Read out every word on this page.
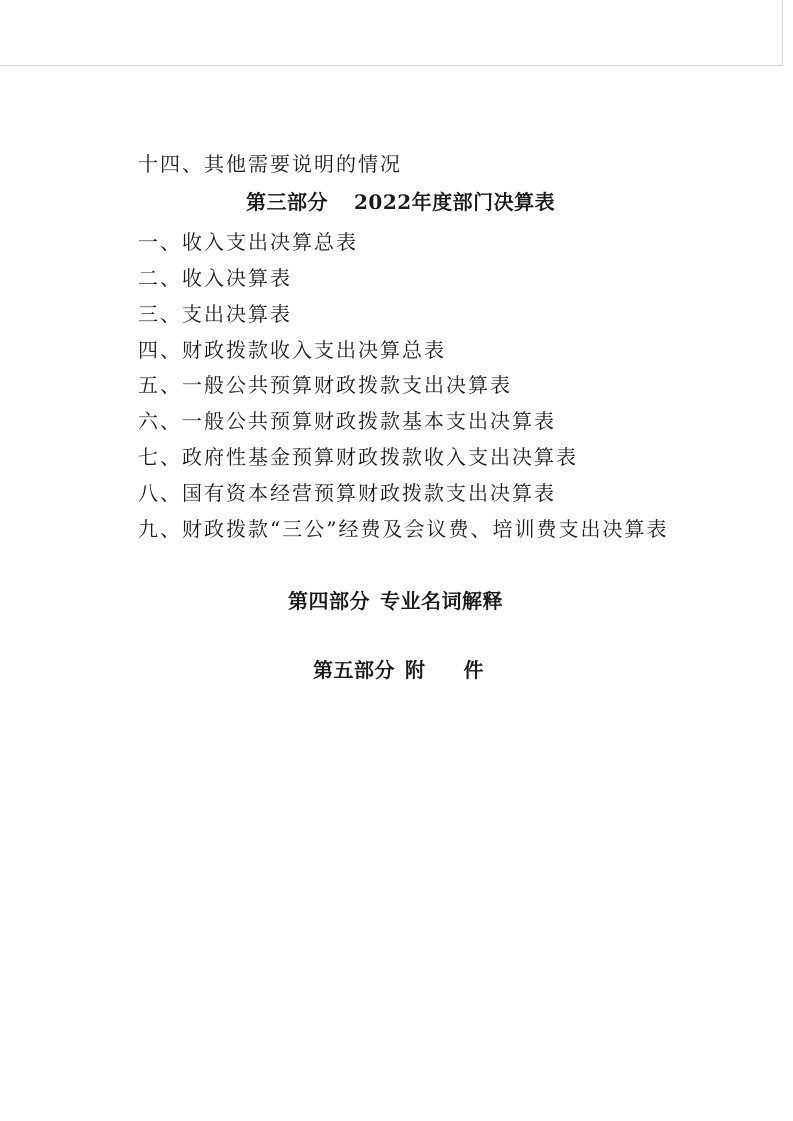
十四、其他需要说明的情况
第三部分 2022年度部门决算表
一、收入支出决算总表
二、收入决算表
三、支出决算表
四、财政拨款收入支出决算总表
五、一般公共预算财政拨款支出决算表
六、一般公共预算财政拨款基本支出决算表
七、政府性基金预算财政拨款收入支出决算表
八、国有资本经营预算财政拨款支出决算表
九、财政拨款“三公”经费及会议费、培训费支出决算表
第四部分 专业名词解释
第五部分 附 件
